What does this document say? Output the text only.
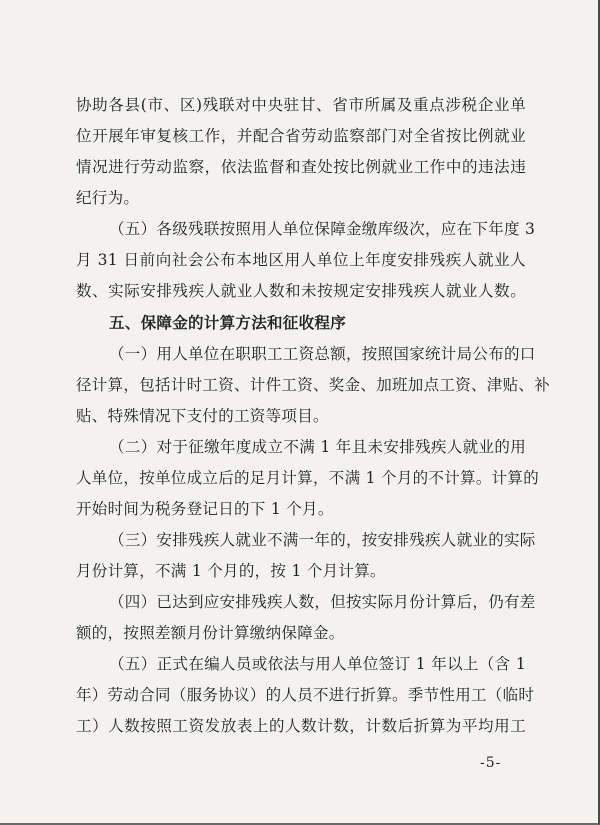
协助各县(市、区)残联对中央驻甘、省市所属及重点涉税企业单
位开展年审复核工作，并配合省劳动监察部门对全省按比例就业
情况进行劳动监察，依法监督和查处按比例就业工作中的违法违
纪行为。
（五）各级残联按照用人单位保障金缴库级次，应在下年度 3
月 31 日前向社会公布本地区用人单位上年度安排残疾人就业人
数、实际安排残疾人就业人数和未按规定安排残疾人就业人数。
五、保障金的计算方法和征收程序
（一）用人单位在职职工工资总额，按照国家统计局公布的口
径计算，包括计时工资、计件工资、奖金、加班加点工资、津贴、补
贴、特殊情况下支付的工资等项目。
（二）对于征缴年度成立不满 1 年且未安排残疾人就业的用
人单位，按单位成立后的足月计算，不满 1 个月的不计算。计算的
开始时间为税务登记日的下 1 个月。
（三）安排残疾人就业不满一年的，按安排残疾人就业的实际
月份计算，不满 1 个月的，按 1 个月计算。
（四）已达到应安排残疾人数，但按实际月份计算后，仍有差
额的，按照差额月份计算缴纳保障金。
（五）正式在编人员或依法与用人单位签订 1 年以上（含 1
年）劳动合同（服务协议）的人员不进行折算。季节性用工（临时
工）人数按照工资发放表上的人数计数，计数后折算为平均用工
-5-
